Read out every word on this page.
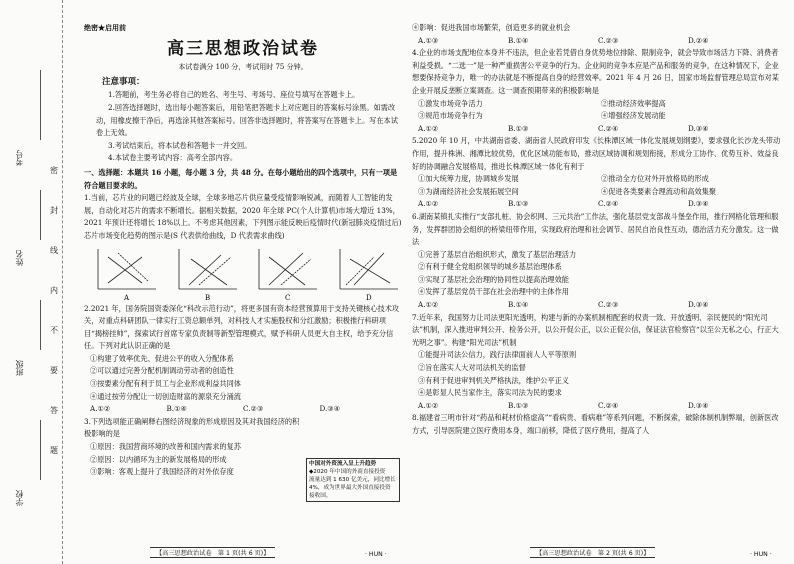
考号
姓名
班级
学校
密
封
线
内
不
要
答
题
绝密★启用前
高三思想政治试卷
本试卷满分 100 分，考试用时 75 分钟。
注意事项：
1.答题前，考生务必将自己的姓名、考生号、考场号、座位号填写在答题卡上。
2.回答选择题时，选出每小题答案后，用铅笔把答题卡上对应题目的答案标号涂黑。如需改动，用橡皮擦干净后，再选涂其他答案标号。回答非选择题时，将答案写在答题卡上。写在本试卷上无效。
3.考试结束后，将本试卷和答题卡一并交回。
4.本试卷主要考试内容：高考全部内容。
一、选择题：本题共 16 小题，每小题 3 分，共 48 分。在每小题给出的四个选项中，只有一项是符合题目要求的。
1.当前，芯片业的问题已经波及全球，全球多地芯片供应量受疫情影响锐减，而随着人工智能的发展，自动化对芯片的需求不断增长。据相关数据，2020 年全球 PC(个人计算机)市场大增近 13%，2021 年预计还将增长 18%以上。不考虑其他因素，下列图示能反映后疫情时代(新冠肺炎疫情过后)芯片市场变化趋势的图示是(S 代表供给曲线，D 代表需求曲线)
A	B	C	D
2.2021 年，国务院国资委深化“科改示范行动”，将更多国有资本经营预算用于支持关键核心技术攻关，对重点科研团队一律实行工资总额单列，对科技人才实施股权和分红激励；积极推行科研项目“揭榜挂帅”，探索试行首席专家负责制等新型管理模式，赋予科研人员更大自主权，给予充分信任。下列对此认识正确的是
①构建了效率优先、促进公平的收入分配体系
②可以通过完善分配机制调动劳动者的创造性
③按要素分配有利于员工与企业形成利益共同体
④通过按劳分配让一切创造财富的源泉充分涌流
A.①②	B.①④	C.②③	D.③④
3.下列选项能正确阐释右图经济现象的形成原因及其对我国经济的积极影响的是
①原因：我国营商环境的改善和国内需求的复苏
②原因：以内循环为主的新发展格局的形成
③影响：客观上提升了我国经济的对外依存度
中国对外资流入呈上升趋势
◆2020 年中国的外商直接投资
流量达到 1 630 亿美元，同比增长
4%，成为世界最大外国直接投资
接收国。
④影响：促进我国市场繁荣，创造更多的就业机会
A.①③	B.①④	C.②③	D.②④
4.企业的市场支配地位本身并不违法，但企业若凭借自身优势地位排除、限制竞争，就会导致市场活力下降、消费者利益受损。“二选一”是一种严重损害公平竞争的行为。企业间的竞争本应是产品和服务的竞争，在这种情况下，企业想要保持竞争力，唯一的办法就是不断提高自身的经营效率。2021 年 4 月 26 日，国家市场监督管理总局宣布对某企业开展反垄断立案调查。这一调查预期带来的积极影响是
①激发市场竞争活力	②推动经济效率提高
③规范市场竞争行为	④增强经济发展动能
A.①②	B.①③	C.②④	D.③④
5.2020 年 10 月，中共湖南省委、湖南省人民政府印发《长株潭区域一体化发展规划纲要》，要求强化长沙龙头带动作用，提升株洲、湘潭比较优势，优化区域功能布局，推动区域协调和规划衔接，形成分工协作、优势互补、效益良好的协调融合发展格局，推进长株潭区域一体化有利于
①加大统筹力度，协调城乡发展	②推动全方位对外开放格局的形成
③为湖南经济社会发展拓展空间	④促进各类要素合理流动和高效集聚
A.①②	B.①③	C.②④	D.③④
6.湖南某镇扎实推行“支部扎桩、协会织网、三元共治”工作法，强化基层党支部战斗堡垒作用，推行网格化管理和服务，发挥群团协会组织的桥梁纽带作用，实现政府治理和社会调节、居民自治良性互动，德治活力充分激发。这一做法
①完善了基层自治组织形式，激发了基层治理活力
②有利于健全党组织领导的城乡基层治理体系
③实现了基层社会治理的协同性以提高治理效能
④发挥了基层党员干部在社会治理中的主体作用
A.①②	B.①④	C.②③	D.③④
7.近年来，我国努力让司法更阳光透明，构建与新的办案机制相配套的权责一致、开放透明、亲民便民的“阳光司法”机制，深入推进审判公开、检务公开，以公开促公正，以公正促公信，保证法官检察官“以至公无私之心，行正大光明之事”。构建“阳光司法”机制
①能提升司法公信力，践行法律面前人人平等原则
②旨在落实人大对司法机关的监督
③有利于促进审判机关严格执法，维护公平正义
④是彰显人民当家作主，落实司法为民的要求
A.①②	B.①③	C.②④	D.③④
8.福建省三明市针对“药品和耗材价格虚高”“看病贵、看病难”等系列问题，不断探索，破除体制机制弊端，创新医改方式，引导医院建立医疗费用本身，端口前移，降低了医疗费用，提高了人
【高三思想政治试卷　第 1 页(共 6 页)】	· HUN ·	【高三思想政治试卷　第 2 页(共 6 页)】	· HUN ·
